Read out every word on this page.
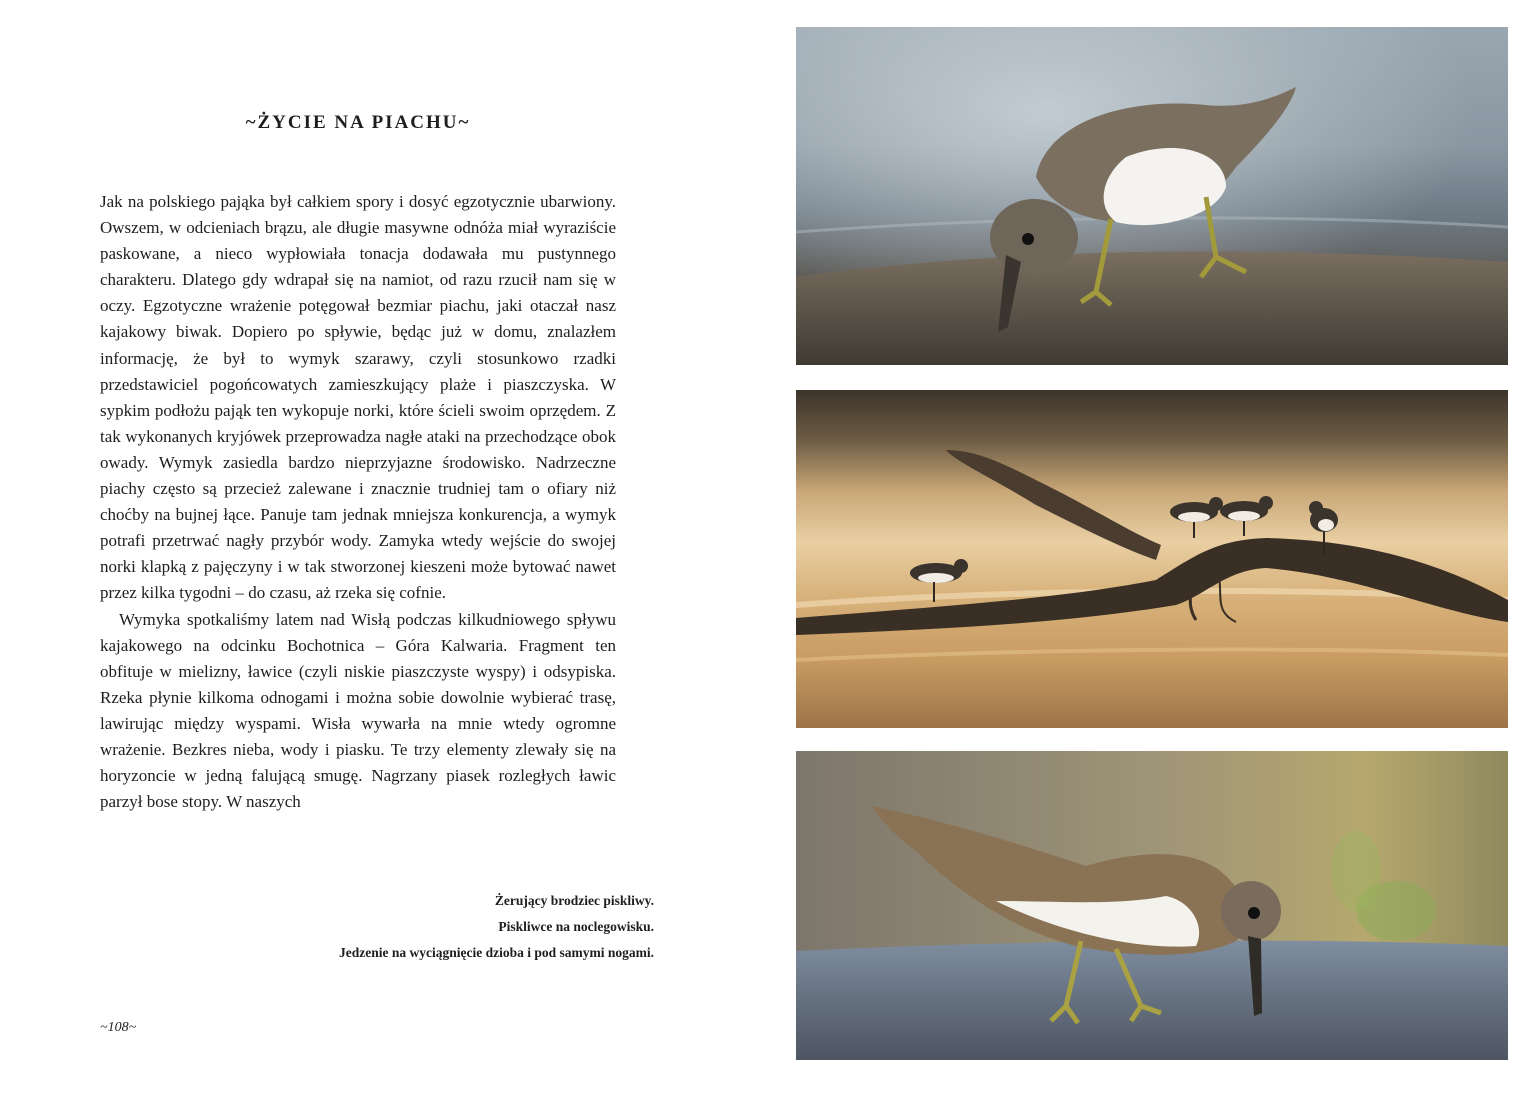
~ŻYCIE NA PIACHU~

Jak na polskiego pająka był całkiem spory i dosyć egzotycznie ubarwiony. Owszem, w odcieniach brązu, ale długie masywne odnóża miał wyraziście paskowane, a nieco wypłowiała tonacja dodawała mu pustynnego charakteru. Dlatego gdy wdrapał się na namiot, od razu rzucił nam się w oczy. Egzotyczne wrażenie potęgował bezmiar piachu, jaki otaczał nasz kajakowy biwak. Dopiero po spływie, będąc już w domu, znalazłem informację, że był to wymyk szarawy, czyli stosunkowo rzadki przedstawiciel pogońcowatych zamieszkujący plaże i piaszczyska. W sypkim podłożu pająk ten wykopuje norki, które ścieli swoim oprzędem. Z tak wykonanych kryjówek przeprowadza nagłe ataki na przechodzące obok owady. Wymyk zasiedla bardzo nieprzyjazne środowisko. Nadrzeczne piachy często są przecież zalewane i znacznie trudniej tam o ofiary niż choćby na bujnej łące. Panuje tam jednak mniejsza konkurencja, a wymyk potrafi przetrwać nagły przybór wody. Zamyka wtedy wejście do swojej norki klapką z pajęczyny i w tak stworzonej kieszeni może bytować nawet przez kilka tygodni – do czasu, aż rzeka się cofnie.

Wymyka spotkaliśmy latem nad Wisłą podczas kilkudniowego spływu kajakowego na odcinku Bochotnica – Góra Kalwaria. Fragment ten obfituje w mielizny, ławice (czyli niskie piaszczyste wyspy) i odsypiska. Rzeka płynie kilkoma odnogami i można sobie dowolnie wybierać trasę, lawirując między wyspami. Wisła wywarła na mnie wtedy ogromne wrażenie. Bezkres nieba, wody i piasku. Te trzy elementy zlewały się na horyzoncie w jedną falującą smugę. Nagrzany piasek rozległych ławic parzył bose stopy. W naszych

Żerujący brodziec piskliwy.
Piskliwce na noclegowisku.
Jedzenie na wyciągnięcie dzioba i pod samymi nogami.
~108~
